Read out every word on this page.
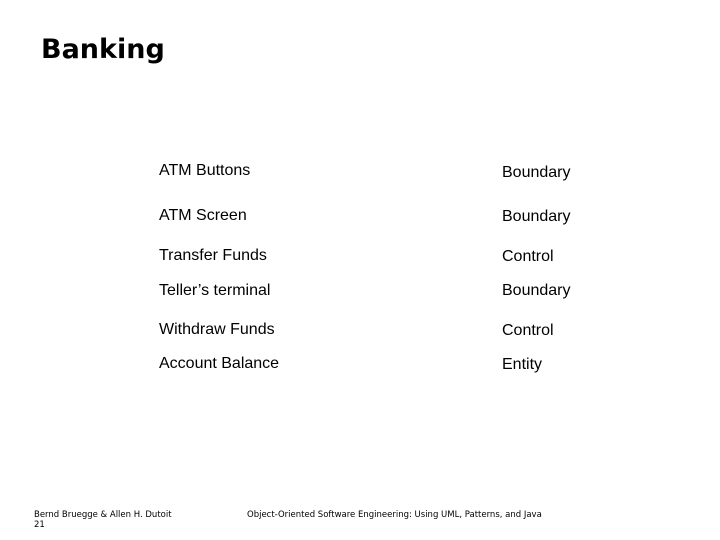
Banking
ATM Buttons	Boundary
ATM Screen	Boundary
Transfer Funds	Control
Teller’s terminal	Boundary
Withdraw Funds	Control
Account Balance	Entity
Bernd Bruegge & Allen H. Dutoit
21
Object-Oriented Software Engineering: Using UML, Patterns, and Java
